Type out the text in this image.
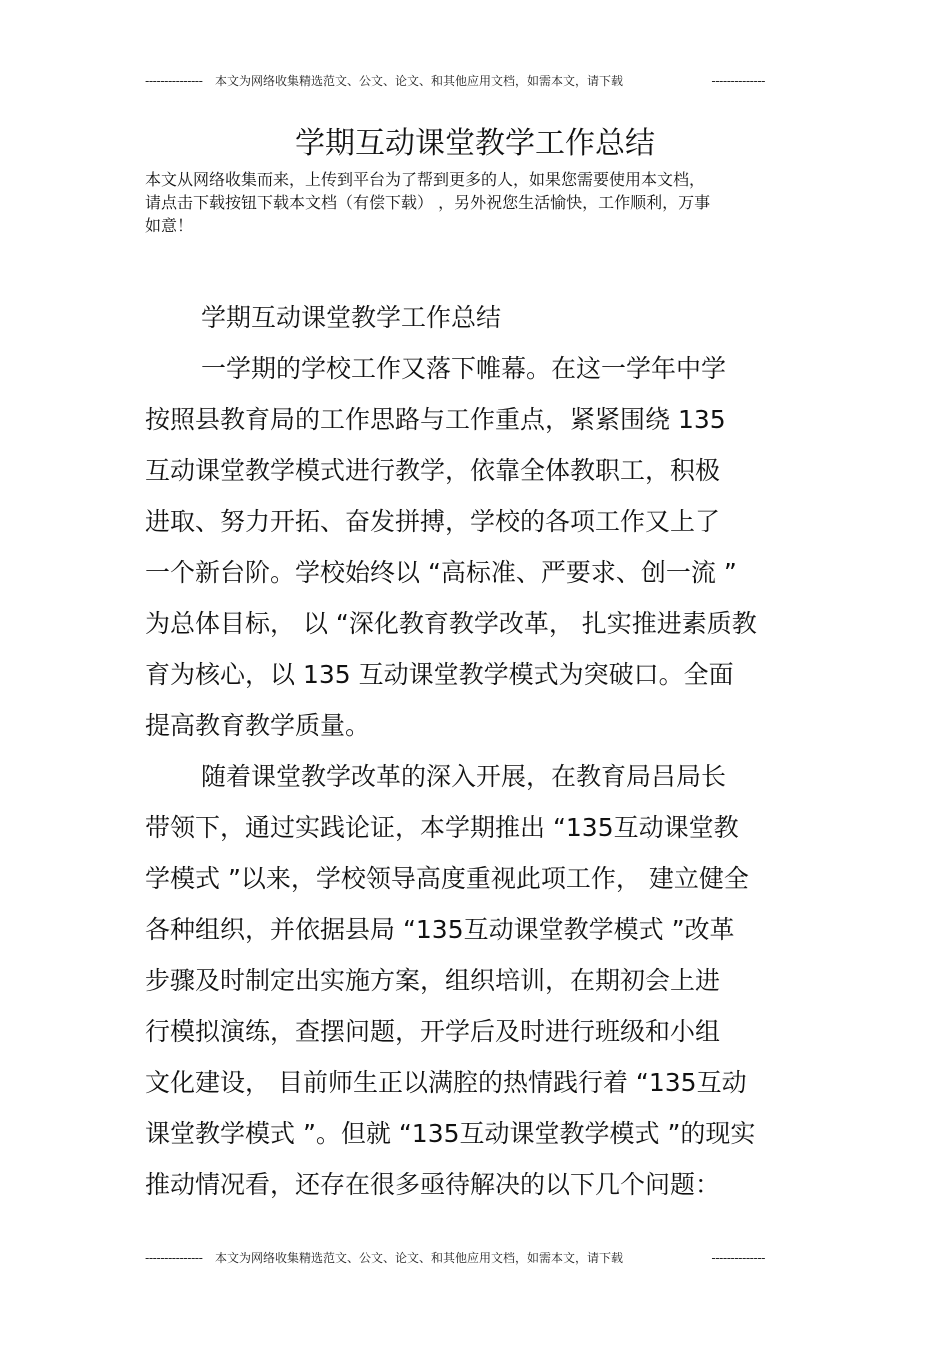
--------------- 本文为网络收集精选范文、公文、论文、和其他应用文档，如需本文，请下载	--------------
学期互动课堂教学工作总结
本文从网络收集而来，上传到平台为了帮到更多的人，如果您需要使用本文档，
请点击下载按钮下载本文档（有偿下载） ，另外祝您生活愉快，工作顺利，万事
如意！
学期互动课堂教学工作总结
一学期的学校工作又落下帷幕。在这一学年中学
按照县教育局的工作思路与工作重点，紧紧围绕 135
互动课堂教学模式进行教学，依靠全体教职工，积极
进取、努力开拓、奋发拼搏，学校的各项工作又上了
一个新台阶。学校始终以 “高标准、严要求、创一流 ”
为总体目标， 以 “深化教育教学改革， 扎实推进素质教
育为核心，以 135 互动课堂教学模式为突破口。全面
提高教育教学质量。
随着课堂教学改革的深入开展，在教育局吕局长
带领下，通过实践论证，本学期推出 “135互动课堂教
学模式 ”以来，学校领导高度重视此项工作， 建立健全
各种组织，并依据县局 “135互动课堂教学模式 ”改革
步骤及时制定出实施方案，组织培训，在期初会上进
行模拟演练，查摆问题，开学后及时进行班级和小组
文化建设， 目前师生正以满腔的热情践行着 “135互动
课堂教学模式 ”。但就 “135互动课堂教学模式 ”的现实
推动情况看，还存在很多亟待解决的以下几个问题：
--------------- 本文为网络收集精选范文、公文、论文、和其他应用文档，如需本文，请下载	--------------
